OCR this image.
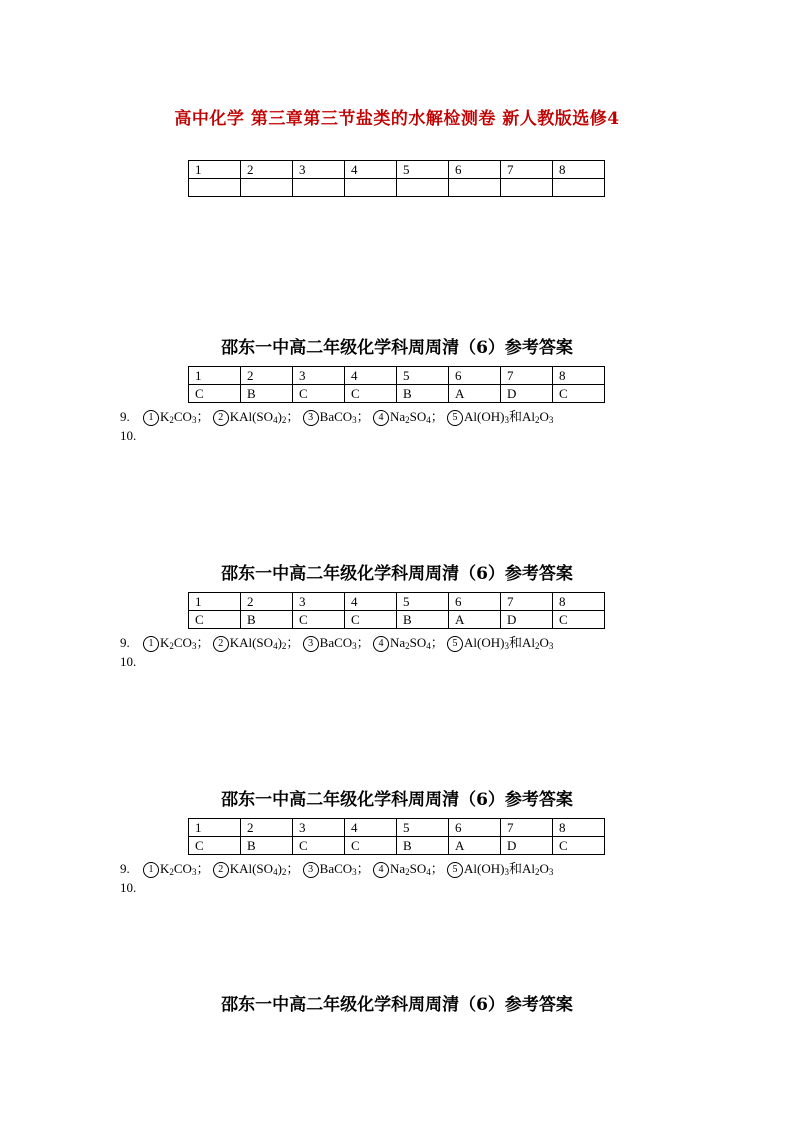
高中化学 第三章第三节盐类的水解检测卷 新人教版选修4
1	2	3	4	5	6	7	8

邵东一中高二年级化学科周周清（6）参考答案
1	2	3	4	5	6	7	8
C	B	C	C	B	A	D	C
9. 1 $K_2CO_3$； 2 $KAl(SO_4)_2$； 3 BaCO$_3$； 4 $Na_2SO_4$； 5 $Al(OH)_3$和$Al_2O_3$
10.
邵东一中高二年级化学科周周清（6）参考答案
1	2	3	4	5	6	7	8
C	B	C	C	B	A	D	C
9. 1 $K_2CO_3$； 2 $KAl(SO_4)_2$； 3 BaCO$_3$； 4 $Na_2SO_4$； 5 $Al(OH)_3$和$Al_2O_3$
10.
邵东一中高二年级化学科周周清（6）参考答案
1	2	3	4	5	6	7	8
C	B	C	C	B	A	D	C
9. 1 $K_2CO_3$； 2 $KAl(SO_4)_2$； 3 BaCO$_3$； 4 $Na_2SO_4$； 5 $Al(OH)_3$和$Al_2O_3$
10.
邵东一中高二年级化学科周周清（6）参考答案
